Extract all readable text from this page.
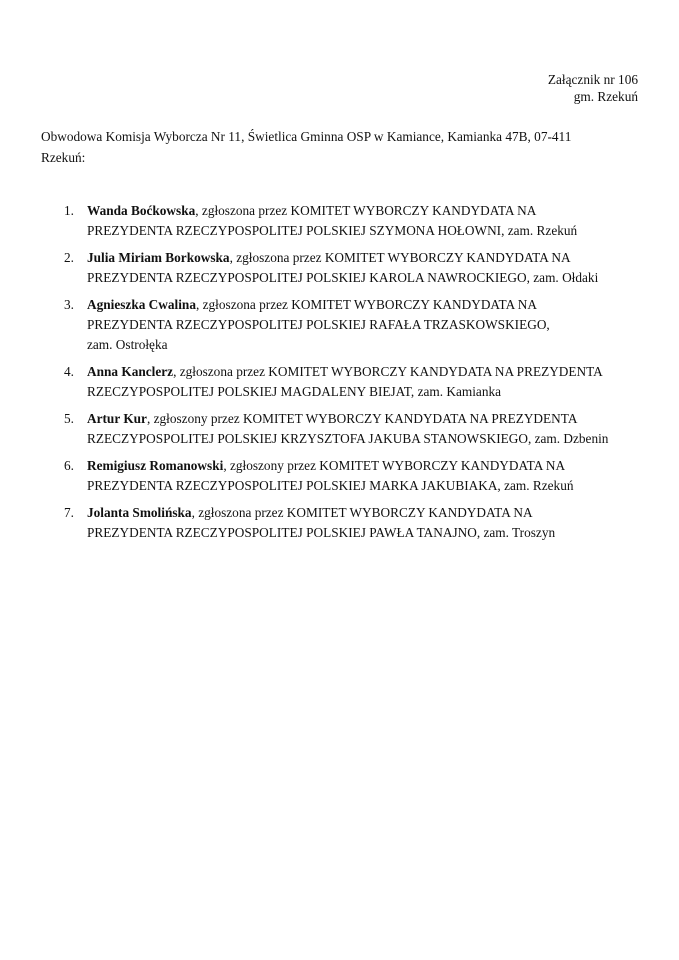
Załącznik nr 106
gm. Rzekuń
Obwodowa Komisja Wyborcza Nr 11, Świetlica Gminna OSP w Kamiance, Kamianka 47B, 07-411
Rzekuń:
1. Wanda Boćkowska, zgłoszona przez KOMITET WYBORCZY KANDYDATA NA
PREZYDENTA RZECZYPOSPOLITEJ POLSKIEJ SZYMONA HOŁOWNI, zam. Rzekuń
2. Julia Miriam Borkowska, zgłoszona przez KOMITET WYBORCZY KANDYDATA NA
PREZYDENTA RZECZYPOSPOLITEJ POLSKIEJ KAROLA NAWROCKIEGO, zam. Ołdaki
3. Agnieszka Cwalina, zgłoszona przez KOMITET WYBORCZY KANDYDATA NA
PREZYDENTA RZECZYPOSPOLITEJ POLSKIEJ RAFAŁA TRZASKOWSKIEGO,
zam. Ostrołęka
4. Anna Kanclerz, zgłoszona przez KOMITET WYBORCZY KANDYDATA NA PREZYDENTA
RZECZYPOSPOLITEJ POLSKIEJ MAGDALENY BIEJAT, zam. Kamianka
5. Artur Kur, zgłoszony przez KOMITET WYBORCZY KANDYDATA NA PREZYDENTA
RZECZYPOSPOLITEJ POLSKIEJ KRZYSZTOFA JAKUBA STANOWSKIEGO, zam. Dzbenin
6. Remigiusz Romanowski, zgłoszony przez KOMITET WYBORCZY KANDYDATA NA
PREZYDENTA RZECZYPOSPOLITEJ POLSKIEJ MARKA JAKUBIAKA, zam. Rzekuń
7. Jolanta Smolińska, zgłoszona przez KOMITET WYBORCZY KANDYDATA NA
PREZYDENTA RZECZYPOSPOLITEJ POLSKIEJ PAWŁA TANAJNO, zam. Troszyn
